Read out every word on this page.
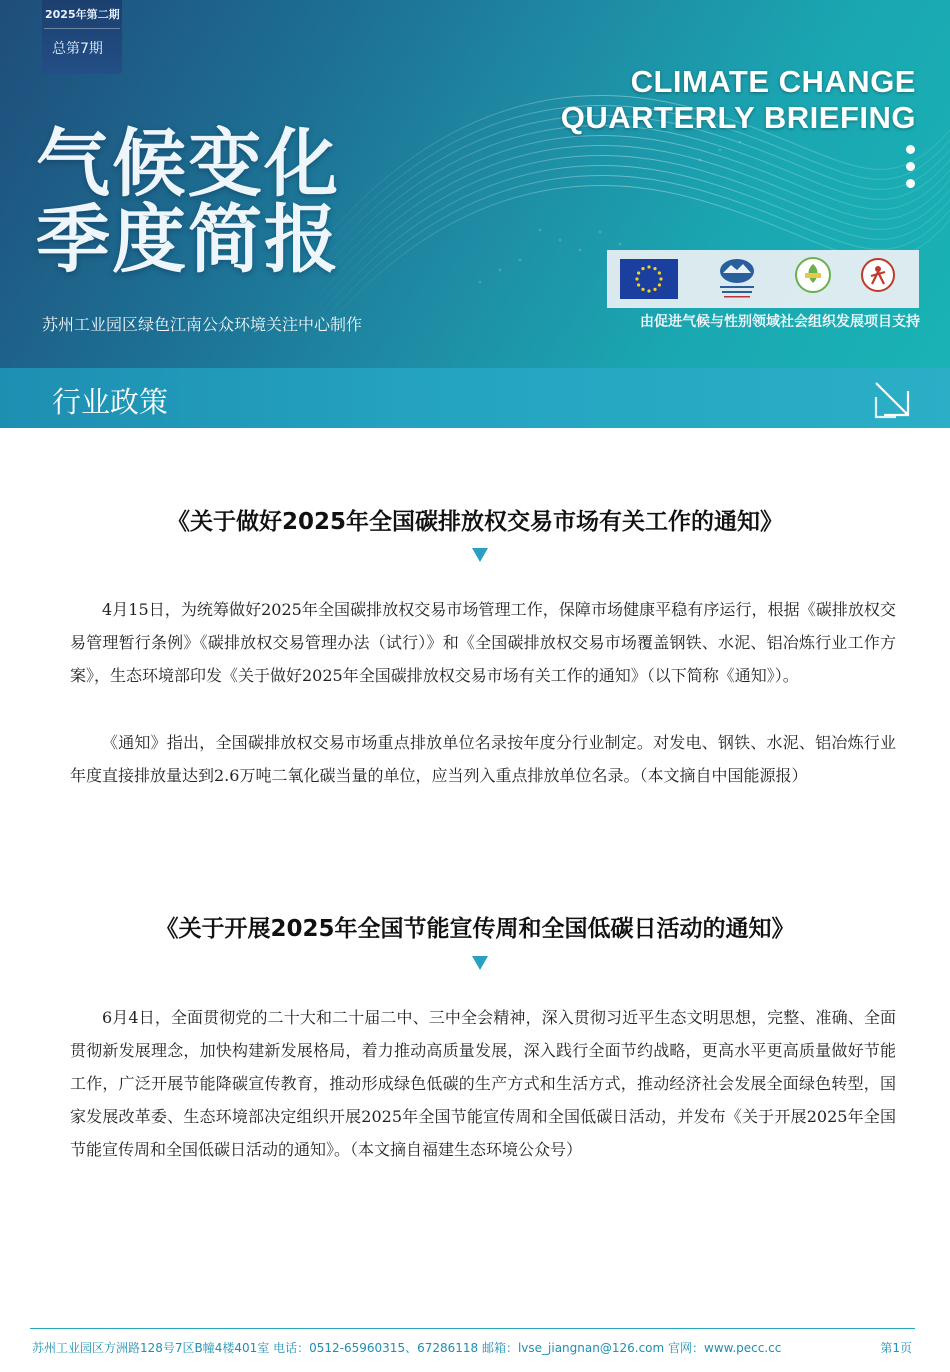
2025年第二期
总第7期
气候变化
季度简报
苏州工业园区绿色江南公众环境关注中心制作
CLIMATE CHANGE
QUARTERLY BRIEFING
由促进气候与性别领域社会组织发展项目支持
行业政策
《关于做好2025年全国碳排放权交易市场有关工作的通知》
4月15日，为统筹做好2025年全国碳排放权交易市场管理工作，保障市场健康平稳有序运行，根据《碳排放权交易管理暂行条例》《碳排放权交易管理办法（试行）》和《全国碳排放权交易市场覆盖钢铁、水泥、铝冶炼行业工作方案》，生态环境部印发《关于做好2025年全国碳排放权交易市场有关工作的通知》（以下简称《通知》）。
《通知》指出，全国碳排放权交易市场重点排放单位名录按年度分行业制定。对发电、钢铁、水泥、铝冶炼行业年度直接排放量达到2.6万吨二氧化碳当量的单位，应当列入重点排放单位名录。（本文摘自中国能源报）
《关于开展2025年全国节能宣传周和全国低碳日活动的通知》
6月4日，全面贯彻党的二十大和二十届二中、三中全会精神，深入贯彻习近平生态文明思想，完整、准确、全面贯彻新发展理念，加快构建新发展格局，着力推动高质量发展，深入践行全面节约战略，更高水平更高质量做好节能工作，广泛开展节能降碳宣传教育，推动形成绿色低碳的生产方式和生活方式，推动经济社会发展全面绿色转型，国家发展改革委、生态环境部决定组织开展2025年全国节能宣传周和全国低碳日活动，并发布《关于开展2025年全国节能宣传周和全国低碳日活动的通知》。（本文摘自福建生态环境公众号）
苏州工业园区方洲路128号7区B幢4楼401室 电话：0512-65960315、67286118 邮箱：lvse_jiangnan@126.com 官网：www.pecc.cc	第1页
